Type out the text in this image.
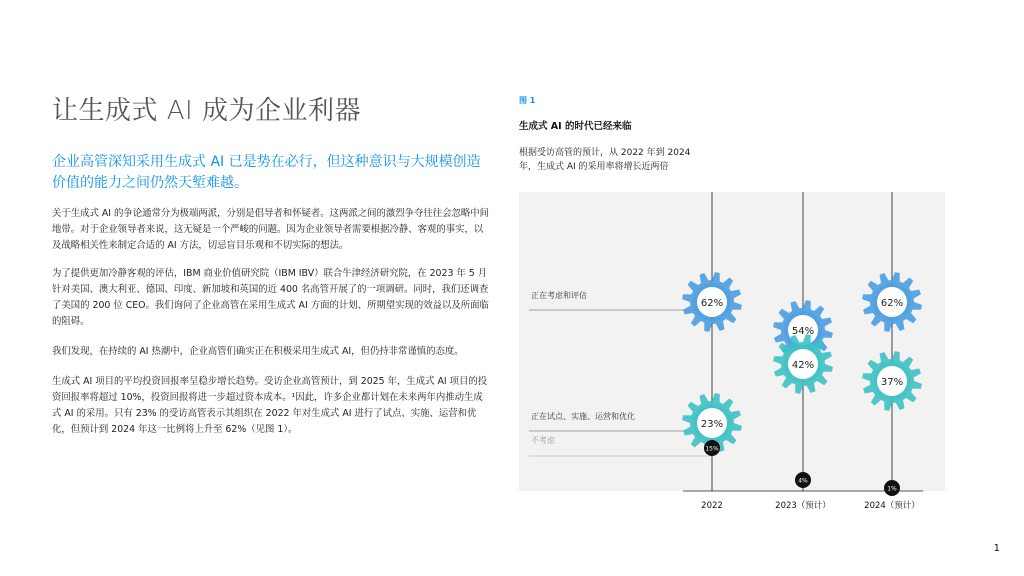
让生成式 AI 成为企业利器
企业高管深知采用生成式 AI 已是势在必行，但这种意识与大规模创造价值的能力之间仍然天堑难越。
关于生成式 AI 的争论通常分为极端两派，分别是倡导者和怀疑者。这两派之间的激烈争夺往往会忽略中间地带。对于企业领导者来说，这无疑是一个严峻的问题。因为企业领导者需要根据冷静、客观的事实，以及战略相关性来制定合适的 AI 方法，切忌盲目乐观和不切实际的想法。
为了提供更加冷静客观的评估，IBM 商业价值研究院（IBM IBV）联合牛津经济研究院，在 2023 年 5 月针对美国、澳大利亚、德国、印度、新加坡和英国的近 400 名高管开展了的一项调研。同时，我们还调查了美国的 200 位 CEO。我们询问了企业高管在采用生成式 AI 方面的计划、所期望实现的效益以及所面临的阻碍。
我们发现，在持续的 AI 热潮中，企业高管们确实正在积极采用生成式 AI，但仍持非常谨慎的态度。
生成式 AI 项目的平均投资回报率呈稳步增长趋势。受访企业高管预计，到 2025 年，生成式 AI 项目的投资回报率将超过 10%，投资回报将进一步超过资本成本。¹因此，许多企业都计划在未来两年内推动生成式 AI 的采用。只有 23% 的受访高管表示其组织在 2022 年对生成式 AI 进行了试点、实施、运营和优化，但预计到 2024 年这一比例将上升至 62%（见图 1）。
图 1
生成式 AI 的时代已经来临
根据受访高管的预计，从 2022 年到 2024 年，生成式 AI 的采用率将增长近两倍
正在考虑和评估
正在试点、实施、运营和优化
不考虑
62%
54%
62%
23%
42%
37%
15%
4%
1%
2022	2023（预计）	2024（预计）
1
